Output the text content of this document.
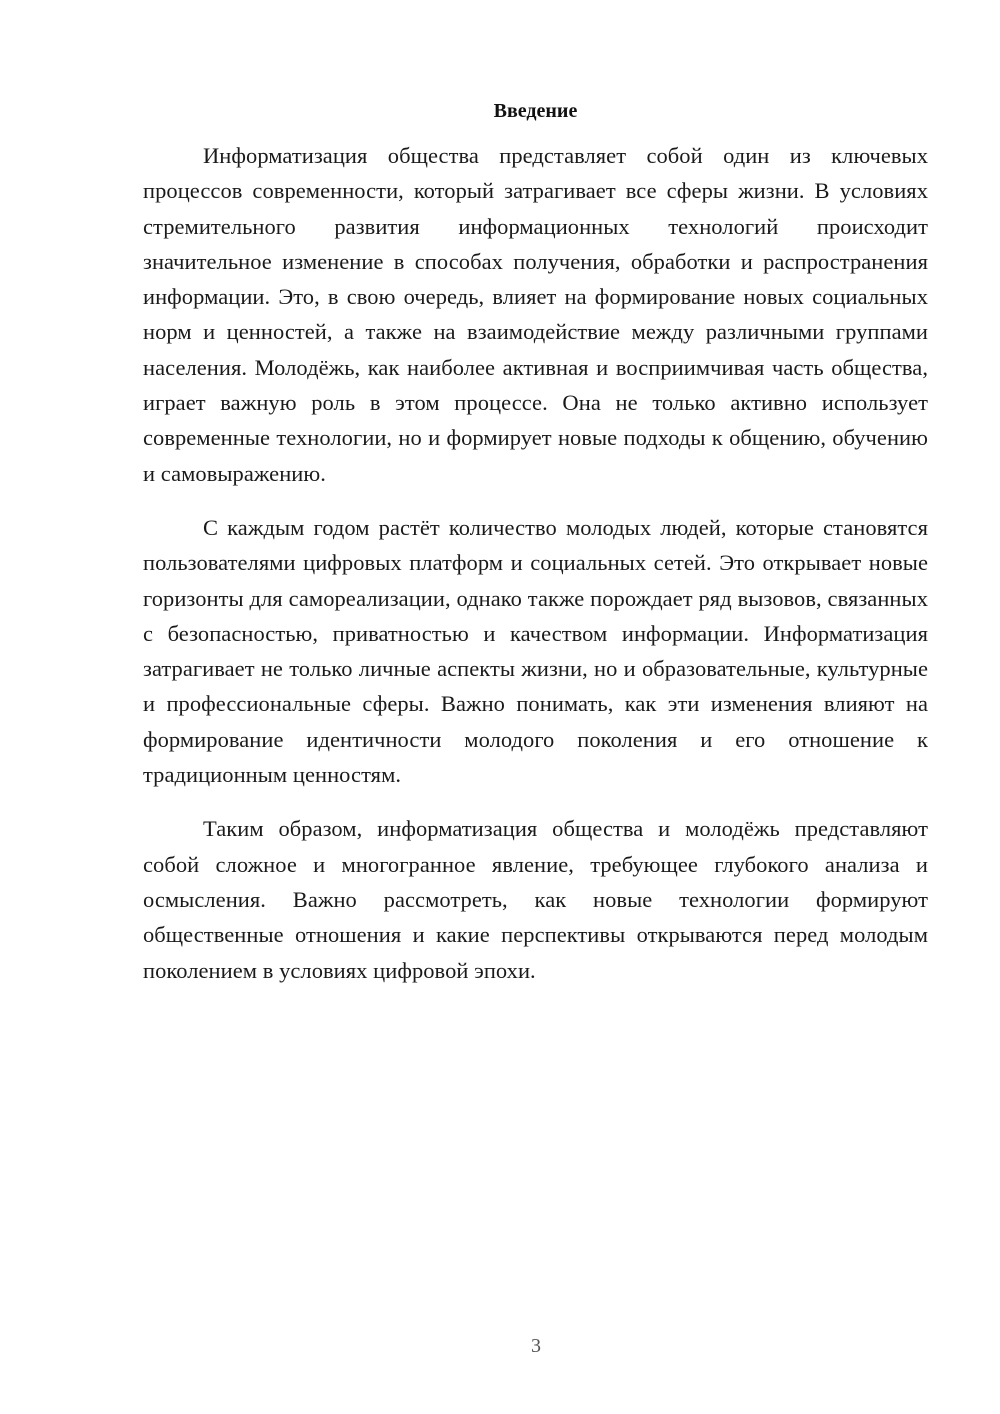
Введение

Информатизация общества представляет собой один из ключевых процессов современности, который затрагивает все сферы жизни. В условиях стремительного развития информационных технологий происходит значительное изменение в способах получения, обработки и распространения информации. Это, в свою очередь, влияет на формирование новых социальных норм и ценностей, а также на взаимодействие между различными группами населения. Молодёжь, как наиболее активная и восприимчивая часть общества, играет важную роль в этом процессе. Она не только активно использует современные технологии, но и формирует новые подходы к общению, обучению и самовыражению.

С каждым годом растёт количество молодых людей, которые становятся пользователями цифровых платформ и социальных сетей. Это открывает новые горизонты для самореализации, однако также порождает ряд вызовов, связанных с безопасностью, приватностью и качеством информации. Информатизация затрагивает не только личные аспекты жизни, но и образовательные, культурные и профессиональные сферы. Важно понимать, как эти изменения влияют на формирование идентичности молодого поколения и его отношение к традиционным ценностям.

Таким образом, информатизация общества и молодёжь представляют собой сложное и многогранное явление, требующее глубокого анализа и осмысления. Важно рассмотреть, как новые технологии формируют общественные отношения и какие перспективы открываются перед молодым поколением в условиях цифровой эпохи.

3
